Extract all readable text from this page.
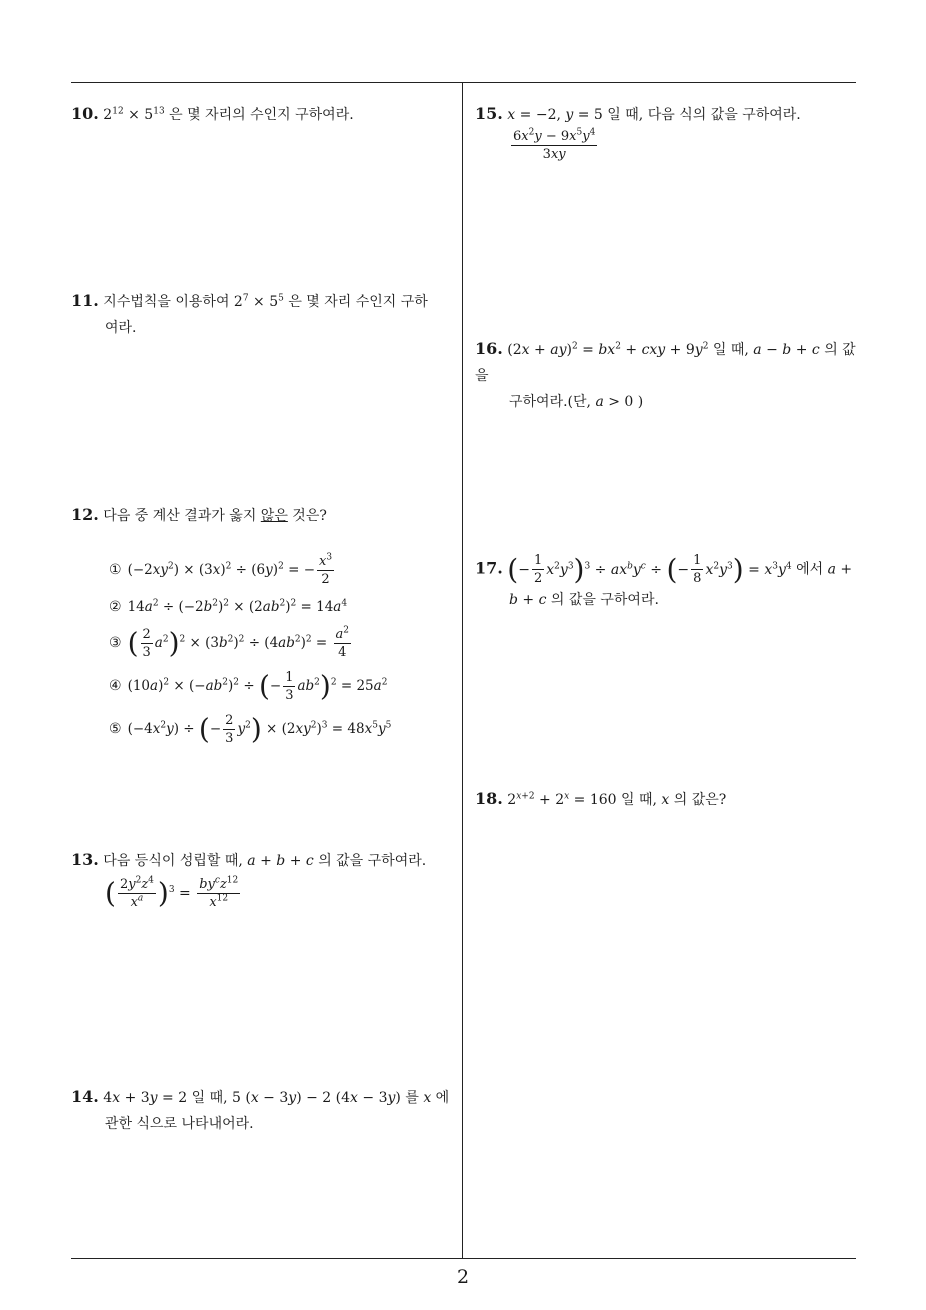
10. $2^{12} \times 5^{13}$ 은 몇 자리의 수인지 구하여라.
11. 지수법칙을 이용하여 $2^7 \times 5^5$ 은 몇 자리 수인지 구하
여라.
12. 다음 중 계산 결과가 옳지 않은 것은?
① $(-2xy^2) \times (3x)^2 \div (6y)^2$ = − $\frac{x^3}{2}$
② $14a^2 \div (-2b^2)^2 \times (2ab^2)^2 = 14a^4$
③ ( $\frac{2}{3} a^2)^2 \times (3b^2)^2 \div (4ab^2)^2 = \frac{a^2}{4}$
④ $(10a)^2 \times (-ab^2)^2$ ÷ (− $\frac{1}{3} ab^2)^2 = 25a^2$
⑤ $(-4x^2y)$ ÷ (− $\frac{2}{3} y^2) \times (2xy^2)^3 = 48x^5y^5$
13. 다음 등식이 성립할 때, a + b + c 의 값을 구하여라.
( $\frac{2y^2z^4}{x^a} )^3 = \frac{by^cz^{12}}{x^{12}}$
14. 4x + 3y = 2 일 때, 5 (x − 3y) − 2 (4x − 3y) 를 x 에
관한 식으로 나타내어라.
15. x = −2, y = 5 일 때, 다음 식의 값을 구하여라.
$\frac{6x^2y - 9x^5y^4}{3xy}$
16. $(2x + ay)^2 = bx^2$ + cxy + $9y^2$ 일 때, a − b + c 의 값을
구하여라.(단, a > 0 )
17. (− $\frac{1}{2} x^2y^3)^3 \div ax^by^c$ ÷ (− $\frac{1}{8} x^2y^3) = x^3y^4$ 에서 a +
b + c 의 값을 구하여라.
18. $2^{x+2} + 2^x = 160$ 일 때, x 의 값은?
2
